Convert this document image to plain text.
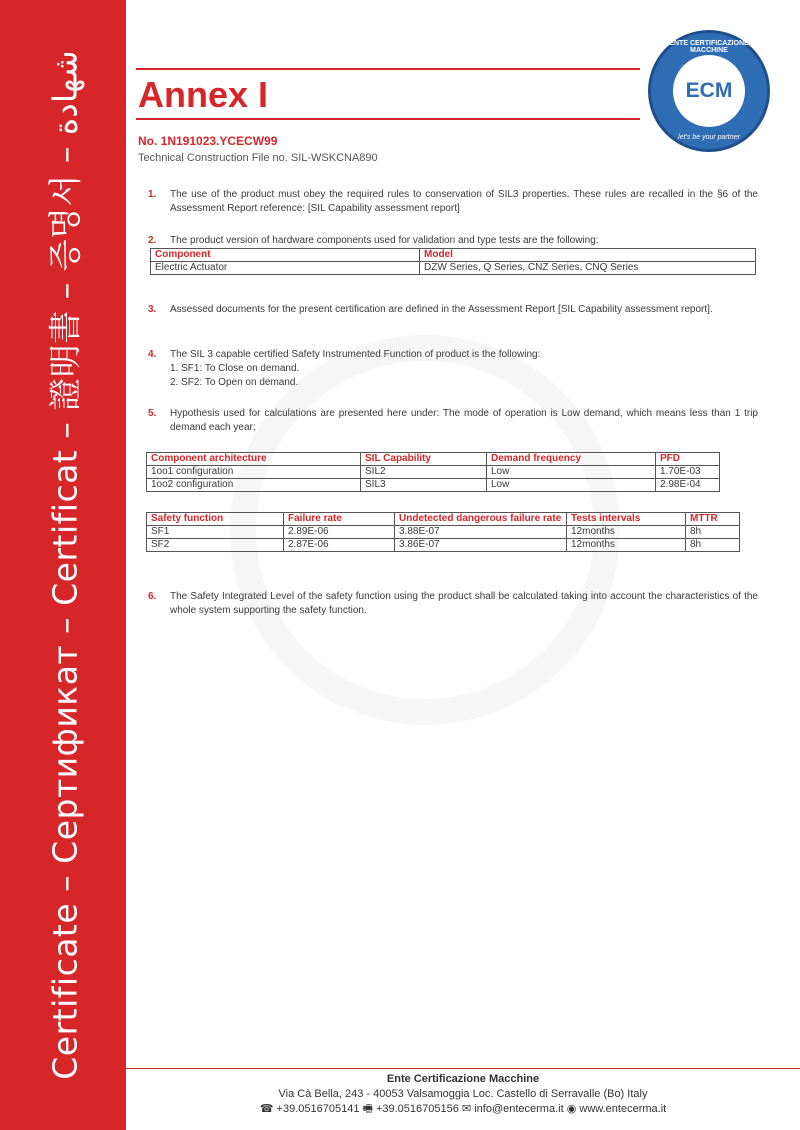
Certificate – Сертификат – Certificat – 證明書 – 증명서 – شهادة Annex I
ENTE CERTIFICAZIONE MACCHINE
ECM
let's be your partner
No. 1N191023.YCECW99
Technical Construction File no. SIL-WSKCNA890
1. The use of the product must obey the required rules to conservation of SIL3 properties. These rules are recalled in the §6 of the Assessment Report reference: [SIL Capability assessment report]
2. The product version of hardware components used for validation and type tests are the following:
Component	Model
Electric Actuator	DZW Series, Q Series, CNZ Series, CNQ Series
3. Assessed documents for the present certification are defined in the Assessment Report [SIL Capability assessment report].
4. The SIL 3 capable certified Safety Instrumented Function of product is the following:
1. SF1: To Close on demand.
2. SF2: To Open on demand.
5. Hypothesis used for calculations are presented here under: The mode of operation is Low demand, which means less than 1 trip demand each year;
Component architecture	SIL Capability	Demand frequency	PFD
1oo1 configuration	SIL2	Low	1.70E-03
1oo2 configuration	SIL3	Low	2.98E-04
Safety function	Failure rate	Undetected dangerous failure rate	Tests intervals	MTTR
SF1	2.89E-06	3.88E-07	12months	8h
SF2	2.87E-06	3.86E-07	12months	8h
6. The Safety Integrated Level of the safety function using the product shall be calculated taking into account the characteristics of the whole system supporting the safety function.
Ente Certificazione Macchine
Via Cà Bella, 243 - 40053 Valsamoggia Loc. Castello di Serravalle (Bo) Italy
☎ +39.0516705141 🖷 +39.0516705156 ✉ info@entecerma.it ◉ www.entecerma.it
